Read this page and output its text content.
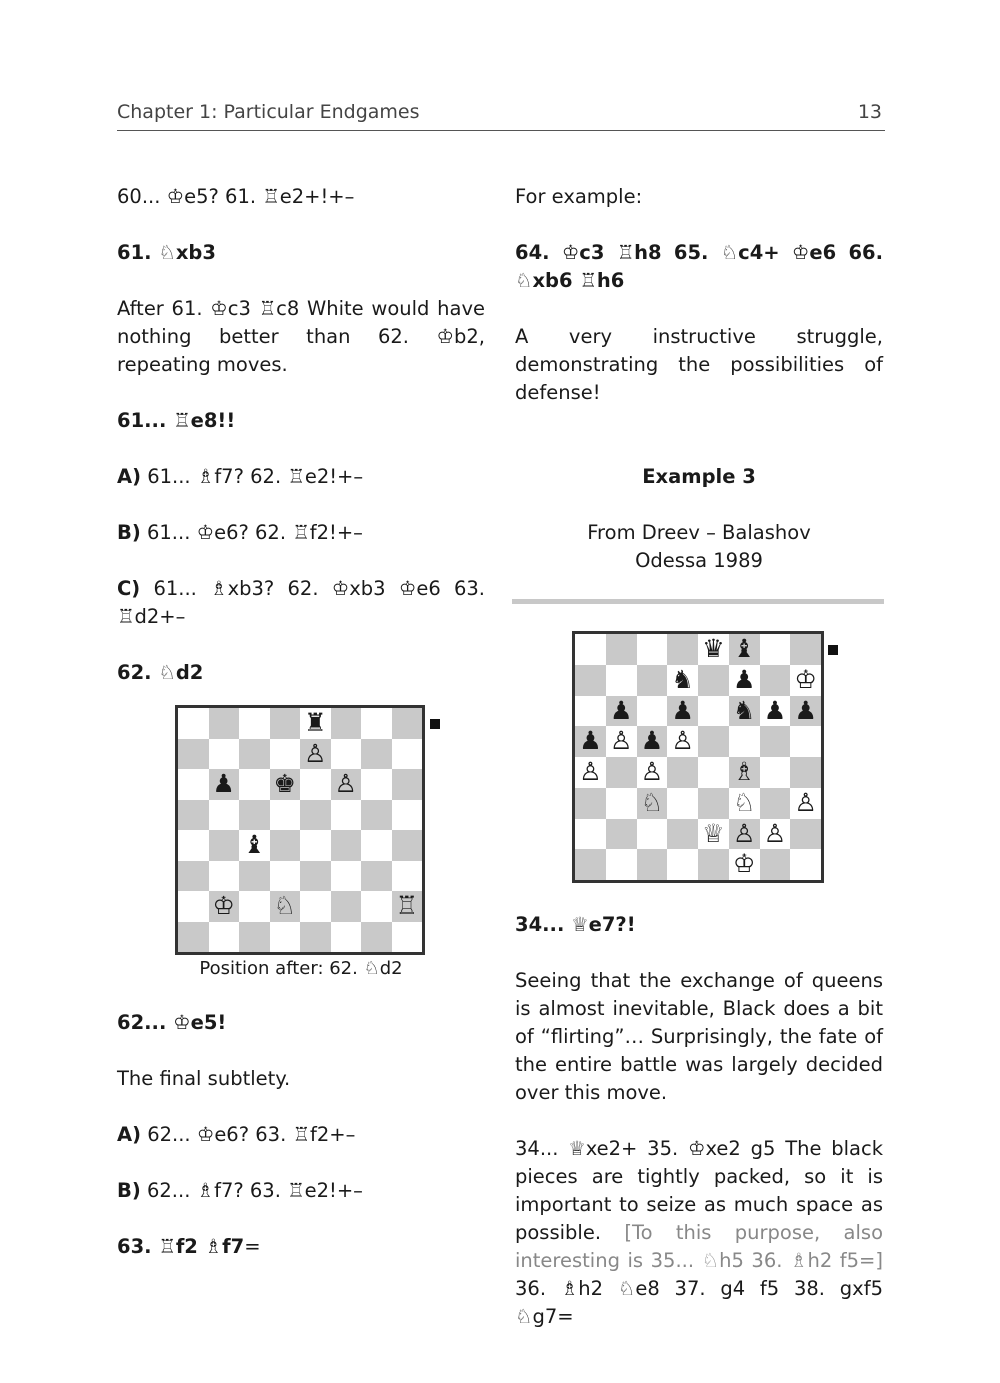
Chapter 1: Particular Endgames	13

60... ♔e5? 61. ♖e2+!+–

61. ♘xb3

After 61. ♔c3 ♖c8 White would have nothing better than 62. ♔b2, repeating moves.

61... ♖e8!!

A) 61... ♗f7? 62. ♖e2!+–

B) 61... ♔e6? 62. ♖f2!+–

C) 61... ♗xb3? 62. ♔xb3 ♔e6 63. ♖d2+–

62. ♘d2

♜
♙
♟ ♚ ♙
♝
♔ ♘	♖

Position after: 62. ♘d2

62... ♔e5!

The final subtlety.

A) 62... ♔e6? 63. ♖f2+–

B) 62... ♗f7? 63. ♖e2!+–

63. ♖f2 ♗f7=

For example:

64. ♔c3 ♖h8 65. ♘c4+ ♔e6 66. ♘xb6 ♖h6

A very instructive struggle, demonstrating the possibilities of defense!

Example 3

From Dreev – Balashov

Odessa 1989

♛ ♝
♞ ♟ ♔
♟ ♟ ♞ ♟ ♟
♟ ♙ ♟ ♙
♙ ♙	♗
♘	♘ ♙
♕ ♙ ♙
♔

34... ♕e7?!

Seeing that the exchange of queens is almost inevitable, Black does a bit of “flirting”… Surprisingly, the fate of the entire battle was largely decided over this move.

34... ♕xe2+ 35. ♔xe2 g5 The black pieces are tightly packed, so it is important to seize as much space as possible. [To this purpose, also interesting is 35... ♘h5 36. ♗h2 f5=] 36. ♗h2 ♘e8 37. g4 f5 38. gxf5 ♘g7=
